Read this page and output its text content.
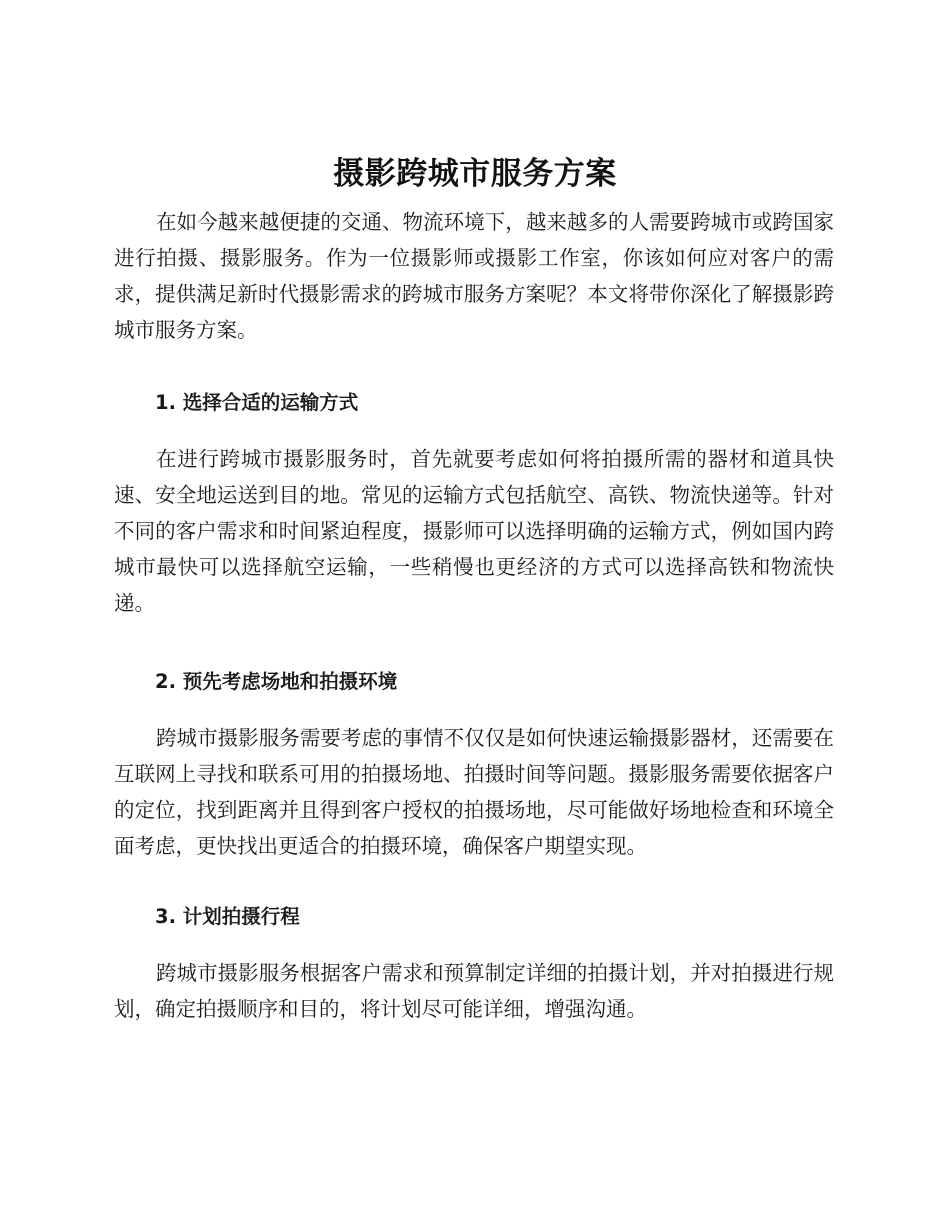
摄影跨城市服务方案

在如今越来越便捷的交通、物流环境下，越来越多的人需要跨城市或跨国家进行拍摄、摄影服务。作为一位摄影师或摄影工作室，你该如何应对客户的需求，提供满足新时代摄影需求的跨城市服务方案呢？本文将带你深化了解摄影跨城市服务方案。

1. 选择合适的运输方式

在进行跨城市摄影服务时，首先就要考虑如何将拍摄所需的器材和道具快速、安全地运送到目的地。常见的运输方式包括航空、高铁、物流快递等。针对不同的客户需求和时间紧迫程度，摄影师可以选择明确的运输方式，例如国内跨城市最快可以选择航空运输，一些稍慢也更经济的方式可以选择高铁和物流快递。

2. 预先考虑场地和拍摄环境

跨城市摄影服务需要考虑的事情不仅仅是如何快速运输摄影器材，还需要在互联网上寻找和联系可用的拍摄场地、拍摄时间等问题。摄影服务需要依据客户的定位，找到距离并且得到客户授权的拍摄场地，尽可能做好场地检查和环境全面考虑，更快找出更适合的拍摄环境，确保客户期望实现。

3. 计划拍摄行程

跨城市摄影服务根据客户需求和预算制定详细的拍摄计划，并对拍摄进行规划，确定拍摄顺序和目的，将计划尽可能详细，增强沟通。
